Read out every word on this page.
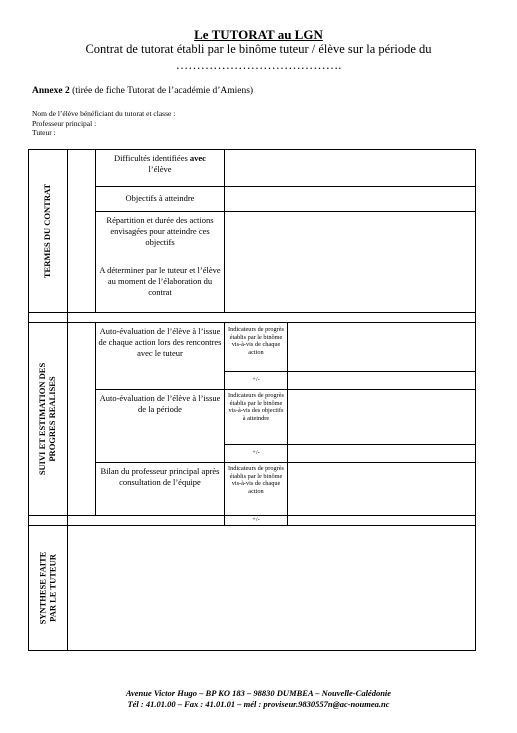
Le TUTORAT au LGN
Contrat de tutorat établi par le binôme tuteur / élève sur la période du
………………………………….
Annexe 2 (tirée de fiche Tutorat de l’académie d’Amiens)
Nom de l’élève bénéficiant du tutorat et classe :
Professeur principal :
Tuteur :
TERMES DU CONTRAT
SUIVI ET ESTIMATION DES PROGRES REALISES
SYNTHESE FAITE PAR LE TUTEUR
Difficultés identifiées avec
l’élève
Objectifs à atteindre
Répartition et durée des actions envisagées pour atteindre ces objectifs
A déterminer par le tuteur et l’élève au moment de l’élaboration du contrat
Auto-évaluation de l’élève à l’issue de chaque action lors des rencontres avec le tuteur
Indicateurs de progrès établis par le binôme vis-à-vis de chaque action
+/-
Auto-évaluation de l’élève à l’issue de la période
Indicateurs de progrès établis par le binôme vis-à-vis des objectifs à atteindre
+/-
Bilan du professeur principal après consultation de l’équipe
Indicateurs de progrès établis par le binôme vis-à-vis de chaque action
+/-
Avenue Victor Hugo – BP KO 183 – 98830 DUMBEA – Nouvelle-Calédonie
Tél : 41.01.00 – Fax : 41.01.01 – mél : proviseur.9830557n@ac-noumea.nc
